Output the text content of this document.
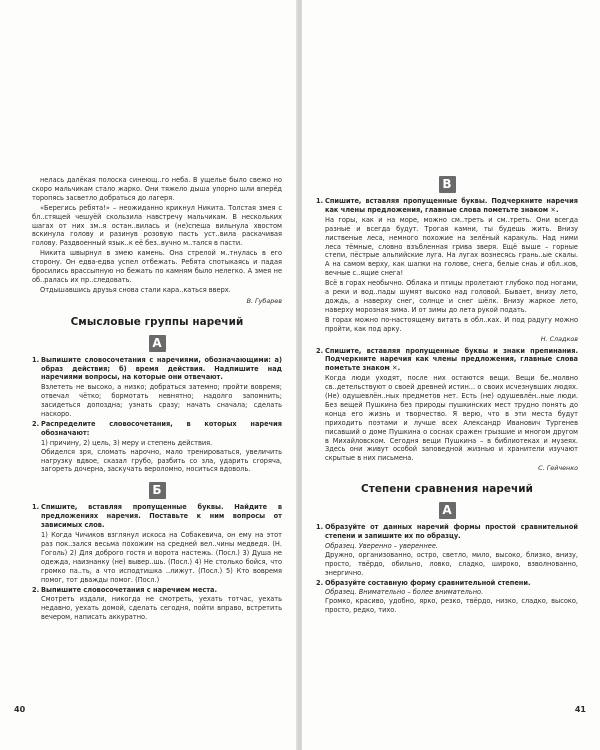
нелась далёкая полоска синеющ..го неба. В ущелье было свежо но скоро мальчикам стало жарко. Они тяжело дыша упорно шли вперёд торопясь засветло добраться до лагеря.

«Берегись ребята!» – неожиданно крикнул Никита. Толстая змея с бл..стящей чешуёй скользила навстречу мальчикам. В нескольких шагах от них зм..я остан..вилась и (не)спеша вильнула хвостом вскинула голову и разинув розовую пасть уст..вила раскачивая голову. Раздвоенный язык..к её без..вучно м..тался в пасти.

Никита швырнул в змею камень. Она стрелой м..тнулась в его сторону. Он едва-едва успел отбежать. Ребята спотыкаясь и падая бросились врассыпную но бежать по камням было нелегко. А змея не об..ралась их пр..следовать.

Отдышавшись друзья снова стали кара..каться вверх.

В. Губарев

Смысловые группы наречий
А
1. Выпишите словосочетания с наречиями, обозначающими: а) образ действия; б) время действия. Надпишите над наречиями вопросы, на которые они отвечают.

Взлететь не высоко, а низко; добраться затемно; пройти вовремя; отвечал чётко; бормотать невнятно; надолго запомнить; засидеться допоздна; узнать сразу; начать сначала; сделать наскоро.

2. Распределите словосочетания, в которых наречия обозначают:

1) причину, 2) цель, 3) меру и степень действия.

Обиделся зря, сломать нарочно, мало тренироваться, увеличить нагрузку вдвое, сказал грубо, разбить со зла, ударить сгоряча, загореть дочерна, заскучать вероломно, носиться вдоволь.

Б
1. Спишите, вставляя пропущенные буквы. Найдите в предложениях наречия. Поставьте к ним вопросы от зависимых слов.

1) Когда Чичиков взглянул искоса на Собакевича, он ему на этот раз пок..зался весьма похожим на средней вел..чины медведя. (Н. Гоголь) 2) Для доброго гостя и ворота настежь. (Посл.) 3) Душа не одежда, наизнанку (не) вывер..шь. (Посл.) 4) Не столько бойся, что громко па..ть, а что исподтишка ..лижут. (Посл.) 5) Кто вовремя помог, тот дважды помог. (Посл.)

2. Выпишите словосочетания с наречием места.

Смотреть издали, никогда не смотреть, уехать тотчас, уехать недавно, уехать домой, сделать сегодня, пойти вправо, встретить вечером, написать аккуратно.

40
В
1. Спишите, вставляя пропущенные буквы. Подчеркните наречия как члены предложения, главные слова пометьте знаком ✕.

На горы, как и на море, можно см..треть и см..треть. Они всегда разные и всегда будут. Трогая камни, ты будешь жить. Внизу лиственые леса, немного похожие на зелёный каракуль. Над ними леса тёмные, словно взъбленная грива зверя. Ещё выше – горные степи, пёстрые альпийские луга. На лугах вознесясь грань..ые скалы. А на самом верху, как шапки на голове, снега, белые снаь и обл..ков, вечные с..ящие снега!

Всё в горах необычно. Облака и птицы пролетают глубоко под ногами, а реки и вод..пады шумят высоко над головой. Бывает, внизу лето, дождь, а наверху снег, солнце и снег шёлк. Внизу жаркое лето, наверху морозная зима. И от зимы до лета рукой подать.

В горах можно по-настоящему витать в обл..ках. И под радугу можно пройти, как под арку.

Н. Сладков

2. Спишите, вставляя пропущенные буквы и знаки препинания. Подчеркните наречия как члены предложения, главные слова пометьте знаком ✕.

Когда люди уходят, после них остаются вещи. Вещи бе..молвно св..детельствуют о своей древней истин... о своих исчезнувших людях. (Не) одушевлён..ных предметов нет. Есть (не) одушевлён..ные люди. Без вещей Пушкина без природы пушкинских мест трудно понять до конца его жизнь и творчество. Я верю, что в эти места будут приходить поэтами и лучше всех Александр Иванович Тургенев писавший о доме Пушкина о соснах сражен грызшие и многом другом в Михайловском. Сегодня вещи Пушкина – в библиотеках и музеях. Здесь они живут особой заповедной жизнью и хранители изучают скрытые в них письмена.

С. Гейченко

Степени сравнения наречий
А
1. Образуйте от данных наречий формы простой сравнительной степени и запишите их по образцу.
Образец. Уверенно – увереннее.

Дружно, организованно, остро, светло, мило, высоко, близко, внизу, просто, твёрдо, обильно, ловко, сладко, широко, взволнованно, энергично.

2. Образуйте составную форму сравнительной степени.
Образец. Внимательно – более внимательно.

Громко, красиво, удобно, ярко, резко, твёрдо, низко, сладко, высоко, просто, редко, тихо.

41
